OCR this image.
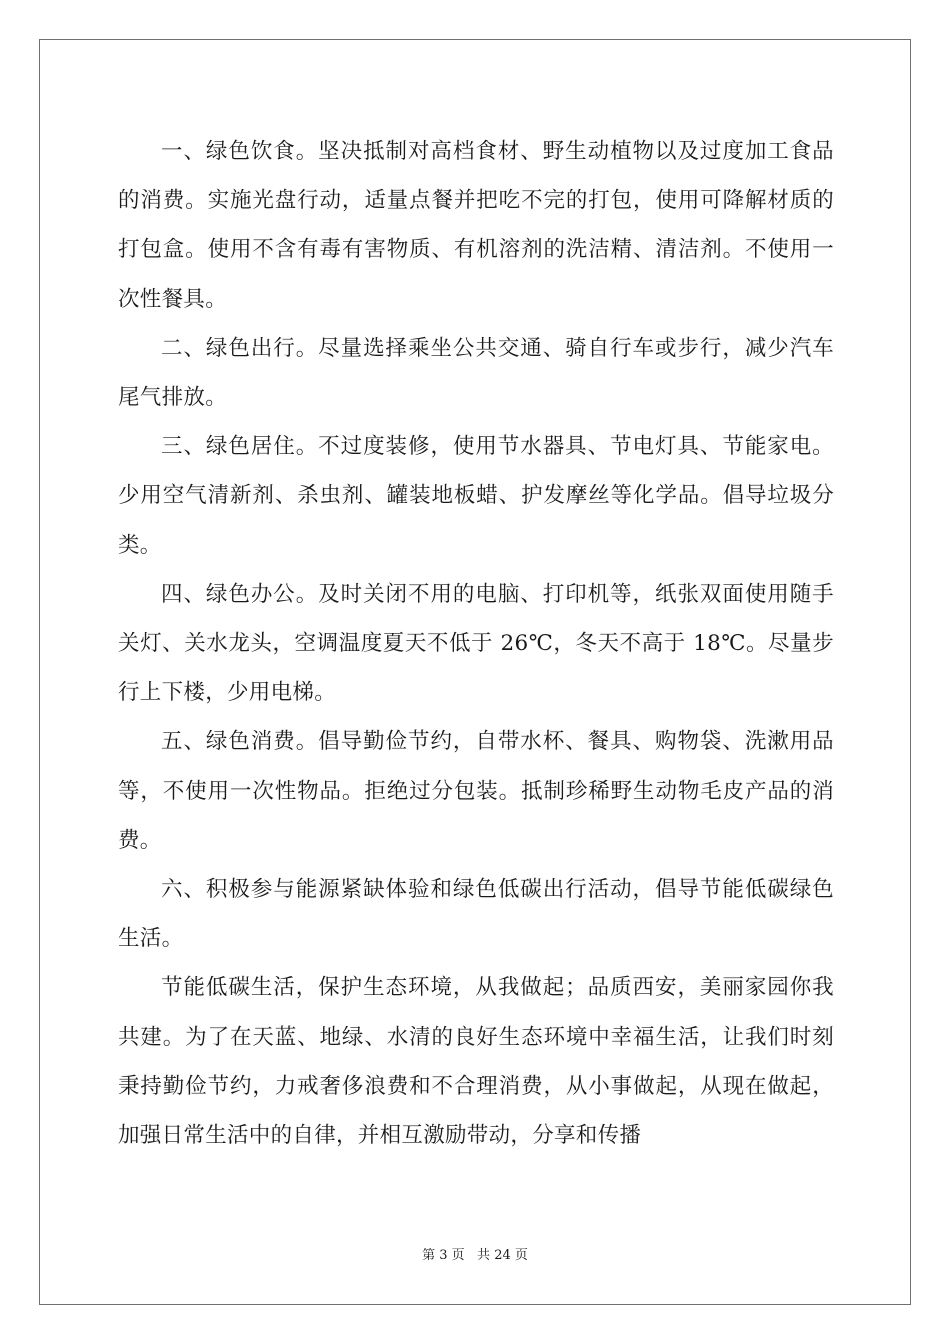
一、绿色饮食。坚决抵制对高档食材、野生动植物以及过度加工食品的消费。实施光盘行动，适量点餐并把吃不完的打包，使用可降解材质的打包盒。使用不含有毒有害物质、有机溶剂的洗洁精、清洁剂。不使用一次性餐具。

二、绿色出行。尽量选择乘坐公共交通、骑自行车或步行，减少汽车尾气排放。

三、绿色居住。不过度装修，使用节水器具、节电灯具、节能家电。少用空气清新剂、杀虫剂、罐装地板蜡、护发摩丝等化学品。倡导垃圾分类。

四、绿色办公。及时关闭不用的电脑、打印机等，纸张双面使用随手关灯、关水龙头，空调温度夏天不低于 26℃，冬天不高于 18℃。尽量步行上下楼，少用电梯。

五、绿色消费。倡导勤俭节约，自带水杯、餐具、购物袋、洗漱用品等，不使用一次性物品。拒绝过分包装。抵制珍稀野生动物毛皮产品的消费。

六、积极参与能源紧缺体验和绿色低碳出行活动，倡导节能低碳绿色生活。

节能低碳生活，保护生态环境，从我做起；品质西安，美丽家园你我共建。为了在天蓝、地绿、水清的良好生态环境中幸福生活，让我们时刻秉持勤俭节约，力戒奢侈浪费和不合理消费，从小事做起，从现在做起，加强日常生活中的自律，并相互激励带动，分享和传播

第 3 页   共 24 页
